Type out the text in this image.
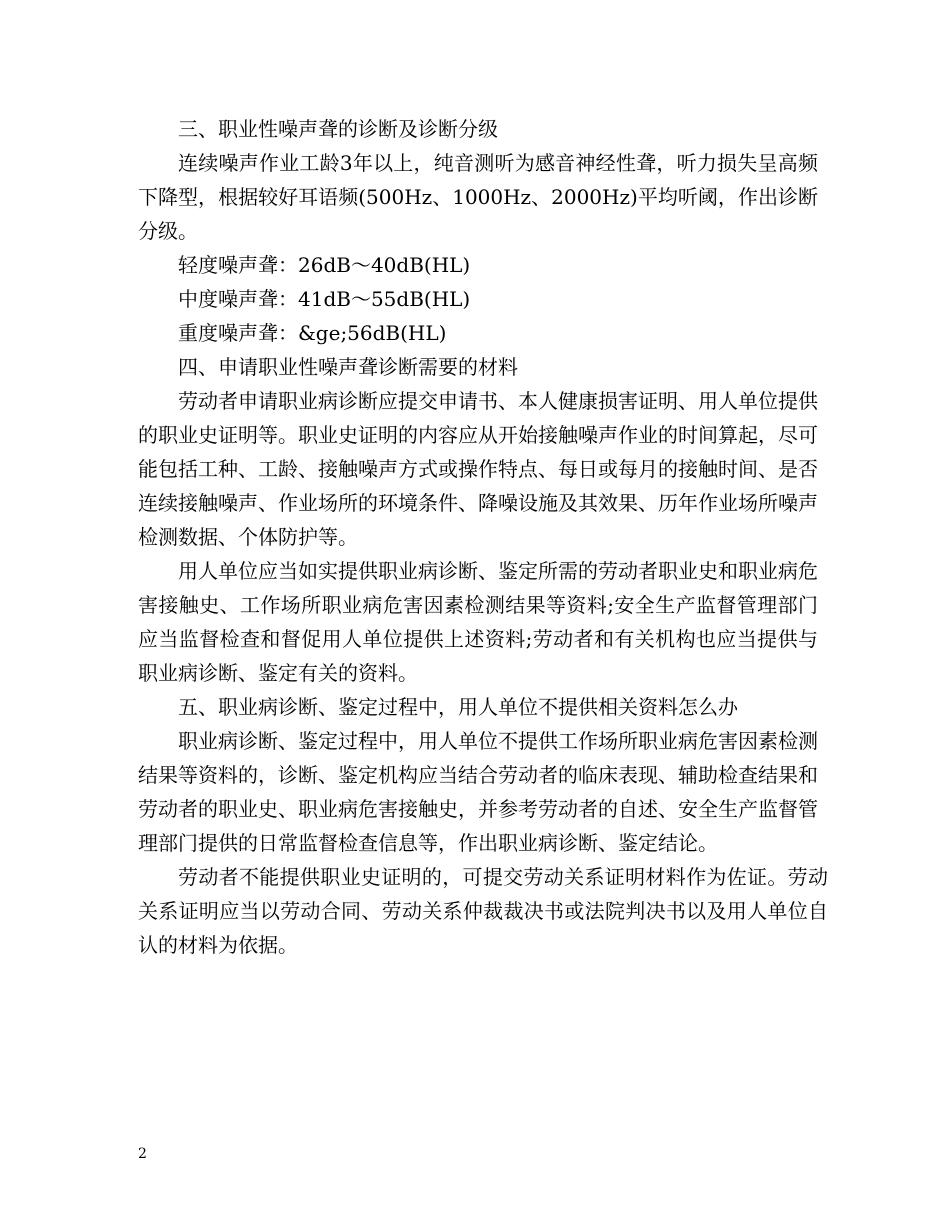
三、职业性噪声聋的诊断及诊断分级

连续噪声作业工龄3年以上，纯音测听为感音神经性聋，听力损失呈高频下降型，根据较好耳语频(500Hz、1000Hz、2000Hz)平均听阈，作出诊断分级。

轻度噪声聋：26dB～40dB(HL)

中度噪声聋：41dB～55dB(HL)

重度噪声聋：&ge;56dB(HL)

四、申请职业性噪声聋诊断需要的材料

劳动者申请职业病诊断应提交申请书、本人健康损害证明、用人单位提供的职业史证明等。职业史证明的内容应从开始接触噪声作业的时间算起，尽可能包括工种、工龄、接触噪声方式或操作特点、每日或每月的接触时间、是否连续接触噪声、作业场所的环境条件、降噪设施及其效果、历年作业场所噪声检测数据、个体防护等。

用人单位应当如实提供职业病诊断、鉴定所需的劳动者职业史和职业病危害接触史、工作场所职业病危害因素检测结果等资料;安全生产监督管理部门应当监督检查和督促用人单位提供上述资料;劳动者和有关机构也应当提供与职业病诊断、鉴定有关的资料。

五、职业病诊断、鉴定过程中，用人单位不提供相关资料怎么办

职业病诊断、鉴定过程中，用人单位不提供工作场所职业病危害因素检测结果等资料的，诊断、鉴定机构应当结合劳动者的临床表现、辅助检查结果和劳动者的职业史、职业病危害接触史，并参考劳动者的自述、安全生产监督管理部门提供的日常监督检查信息等，作出职业病诊断、鉴定结论。

劳动者不能提供职业史证明的，可提交劳动关系证明材料作为佐证。劳动关系证明应当以劳动合同、劳动关系仲裁裁决书或法院判决书以及用人单位自认的材料为依据。

2
